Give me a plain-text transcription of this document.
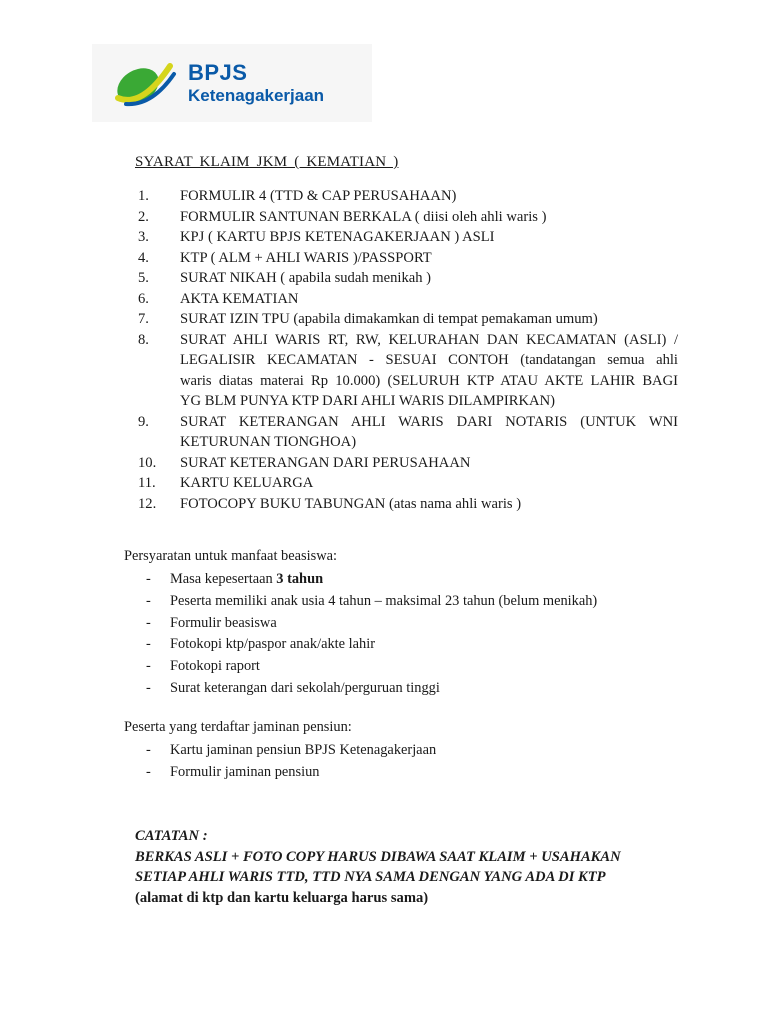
BPJS
Ketenagakerjaan
SYARAT KLAIM JKM ( KEMATIAN )
1.	FORMULIR 4 (TTD & CAP PERUSAHAAN)
2.	FORMULIR SANTUNAN BERKALA ( diisi oleh ahli waris )
3.	KPJ ( KARTU BPJS KETENAGAKERJAAN ) ASLI
4.	KTP ( ALM + AHLI WARIS )/PASSPORT
5.	SURAT NIKAH ( apabila sudah menikah )
6.	AKTA KEMATIAN
7.	SURAT IZIN TPU (apabila dimakamkan di tempat pemakaman umum)
8.	SURAT AHLI WARIS RT, RW, KELURAHAN DAN KECAMATAN (ASLI) /
LEGALISIR KECAMATAN - SESUAI CONTOH (tandatangan semua ahli
waris diatas materai Rp 10.000) (SELURUH KTP ATAU AKTE LAHIR BAGI
YG BLM PUNYA KTP DARI AHLI WARIS DILAMPIRKAN)
9.	SURAT KETERANGAN AHLI WARIS DARI NOTARIS (UNTUK WNI
KETURUNAN TIONGHOA)
10.	SURAT KETERANGAN DARI PERUSAHAAN
11.	KARTU KELUARGA
12.	FOTOCOPY BUKU TABUNGAN (atas nama ahli waris )
Persyaratan untuk manfaat beasiswa:
-	Masa kepesertaan 3 tahun
-	Peserta memiliki anak usia 4 tahun – maksimal 23 tahun (belum menikah)
-	Formulir beasiswa
-	Fotokopi ktp/paspor anak/akte lahir
-	Fotokopi raport
-	Surat keterangan dari sekolah/perguruan tinggi
Peserta yang terdaftar jaminan pensiun:
-	Kartu jaminan pensiun BPJS Ketenagakerjaan
-	Formulir jaminan pensiun
CATATAN :
BERKAS ASLI + FOTO COPY HARUS DIBAWA SAAT KLAIM + USAHAKAN
SETIAP AHLI WARIS TTD, TTD NYA SAMA DENGAN YANG ADA DI KTP
(alamat di ktp dan kartu keluarga harus sama)
